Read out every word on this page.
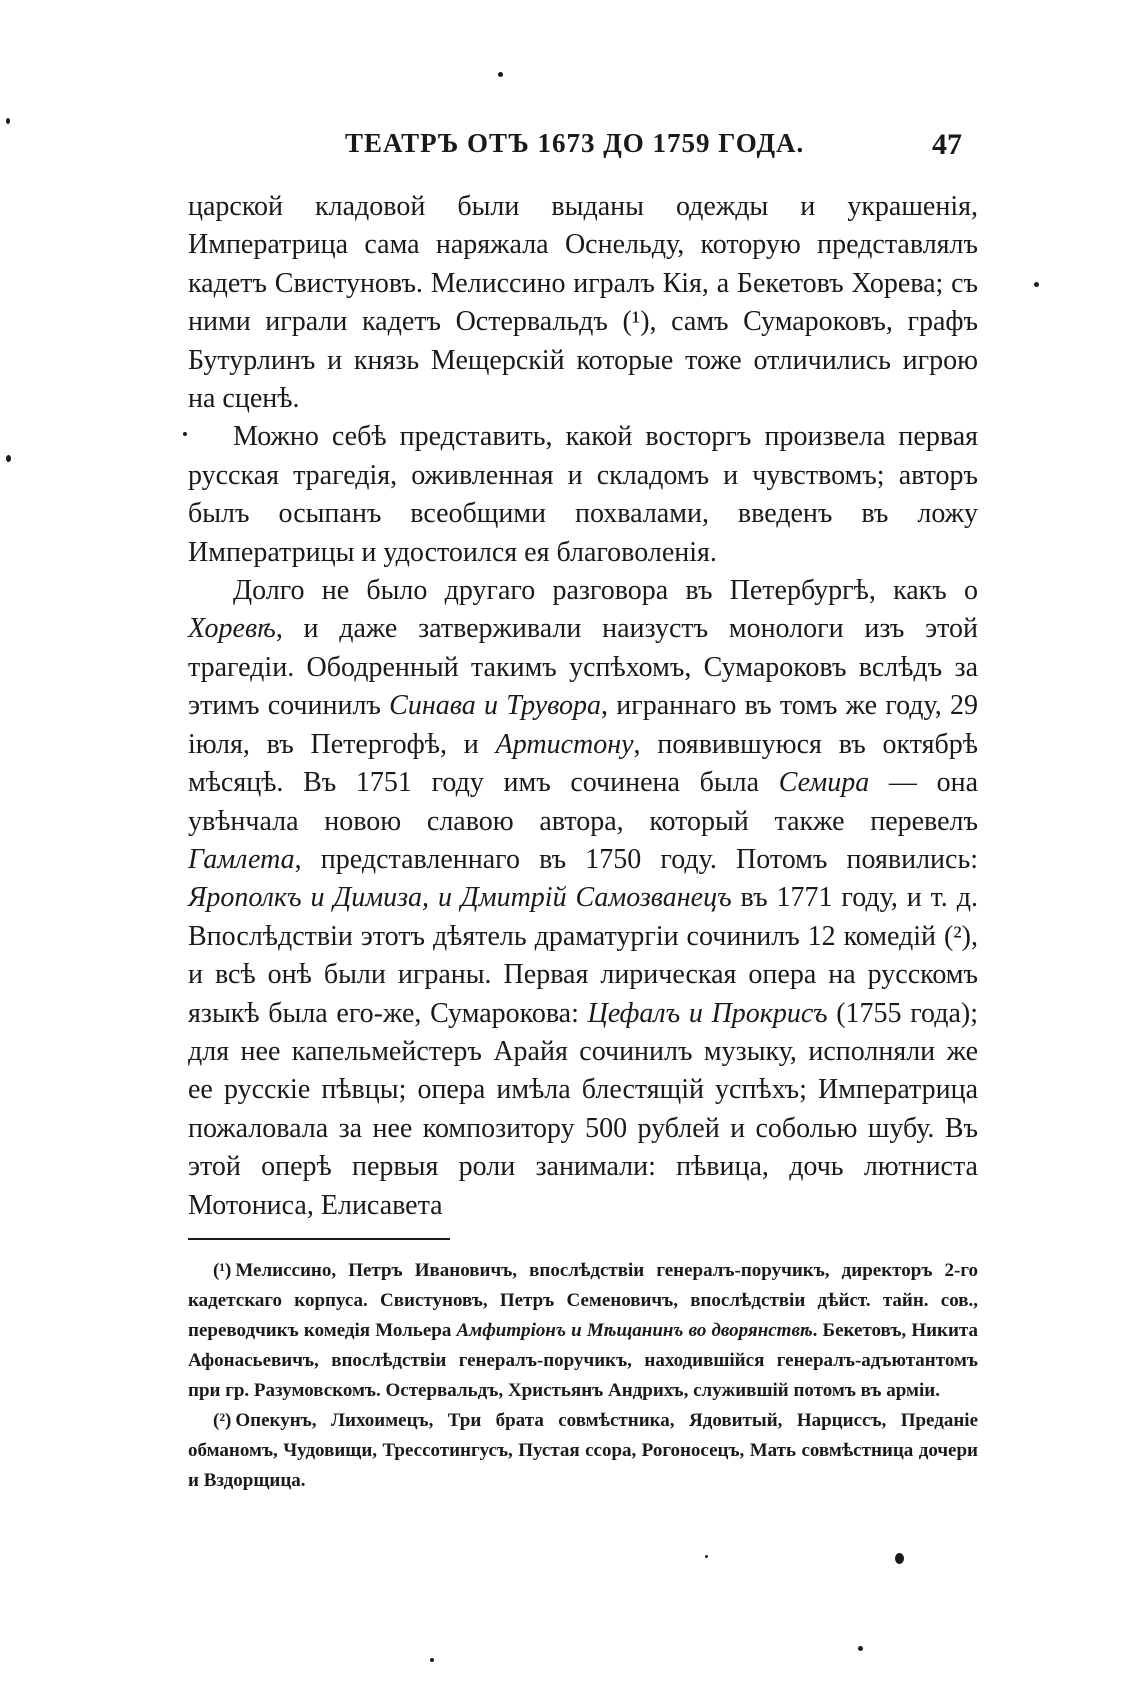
ТЕАТРЪ ОТЪ 1673 ДО 1759 ГОДА.	47

царской кладовой были выданы одежды и украшенія, Императрица сама наряжала Оснельду, которую представлялъ кадетъ Свистуновъ. Мелиссино игралъ Кія, а Бекетовъ Хорева; съ ними играли кадетъ Остервальдъ (¹), самъ Сумароковъ, графъ Бутурлинъ и князь Мещерскій которые тоже отличились игрою на сценѣ.

Можно себѣ представить, какой восторгъ произвела первая русская трагедія, оживленная и складомъ и чувствомъ; авторъ былъ осыпанъ всеобщими похвалами, введенъ въ ложу Императрицы и удостоился ея благоволенія.

Долго не было другаго разговора въ Петербургѣ, какъ о Хоревѣ, и даже затверживали наизустъ монологи изъ этой трагедіи. Ободренный такимъ успѣхомъ, Сумароковъ вслѣдъ за этимъ сочинилъ Синава и Трувора, играннаго въ томъ же году, 29 іюля, въ Петергофѣ, и Артистону, появившуюся въ октябрѣ мѣсяцѣ. Въ 1751 году имъ сочинена была Семира — она увѣнчала новою славою автора, который также перевелъ Гамлета, представленнаго въ 1750 году. Потомъ появились: Ярополкъ и Димиза, и Дмитрій Самозванецъ въ 1771 году, и т. д. Впослѣдствіи этотъ дѣятель драматургіи сочинилъ 12 комедій (²), и всѣ онѣ были играны. Первая лирическая опера на русскомъ языкѣ была его-же, Сумарокова: Цефалъ и Прокрисъ (1755 года); для нее капельмейстеръ Арайя сочинилъ музыку, исполняли же ее русскіе пѣвцы; опера имѣла блестящій успѣхъ; Императрица пожаловала за нее композитору 500 рублей и соболью шубу. Въ этой оперѣ первыя роли занимали: пѣвица, дочь лютниста Мотониса, Елисавета

(¹) Мелиссино, Петръ Ивановичъ, впослѣдствіи генералъ-поручикъ, директоръ 2-го кадетскаго корпуса. Свистуновъ, Петръ Семеновичъ, впослѣдствіи дѣйст. тайн. сов., переводчикъ комедія Мольера Амфитріонъ и Мѣщанинъ во дворянствѣ. Бекетовъ, Никита Афонасьевичъ, впослѣдствіи генералъ-поручикъ, находившійся генералъ-адъютантомъ при гр. Разумовскомъ. Остервальдъ, Христьянъ Андрихъ, служившій потомъ въ арміи.

(²) Опекунъ, Лихоимецъ, Три брата совмѣстника, Ядовитый, Нарциссъ, Преданіе обманомъ, Чудовищи, Трессотингусъ, Пустая ссора, Рогоносецъ, Мать совмѣстница дочери и Вздорщица.
